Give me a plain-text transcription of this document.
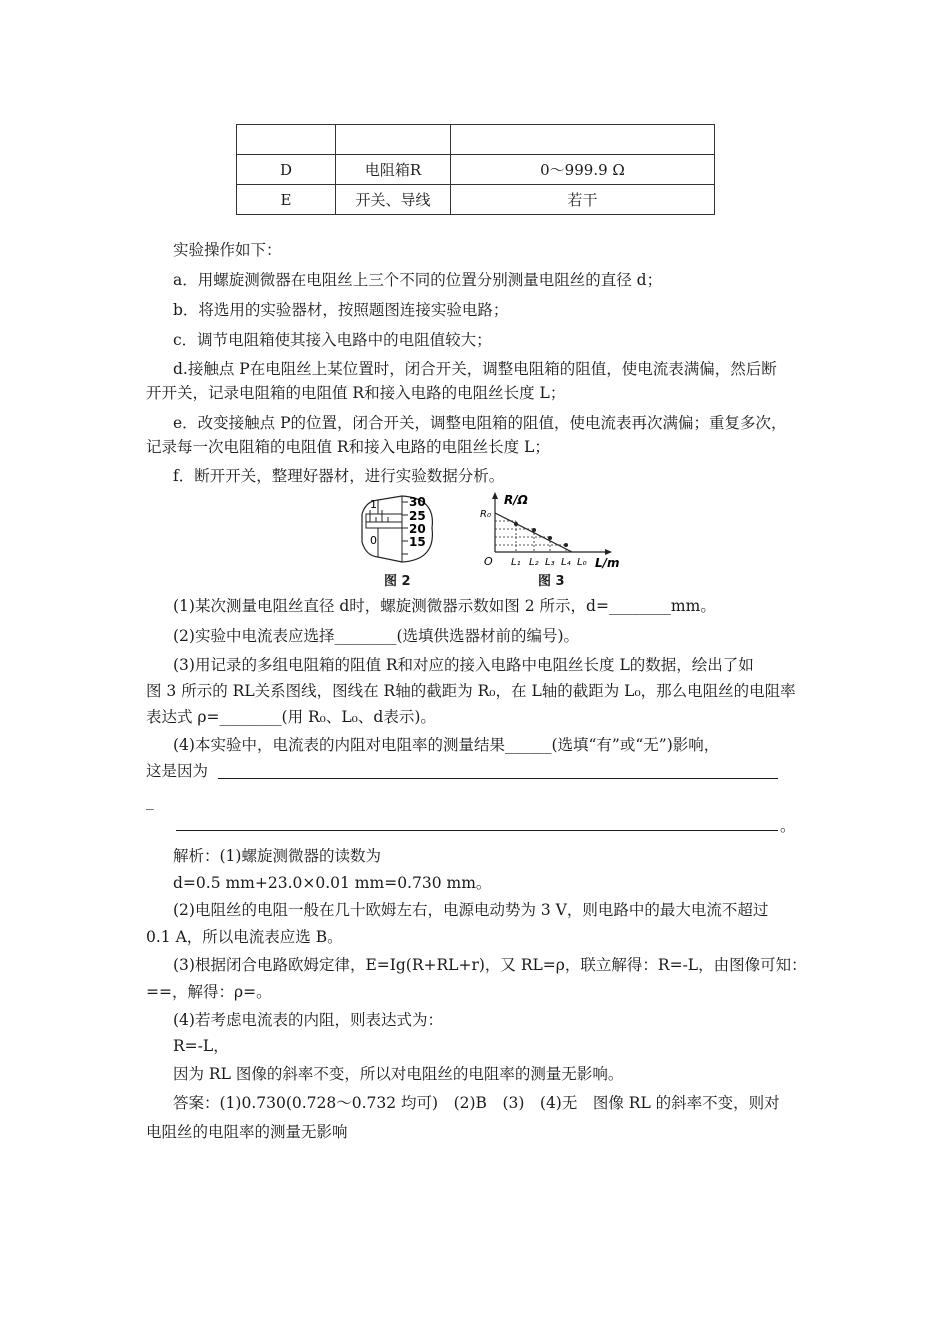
D	电阻箱R	0～999.9 Ω
E	开关、导线	若干
实验操作如下：
a．用螺旋测微器在电阻丝上三个不同的位置分别测量电阻丝的直径 d；
b．将选用的实验器材，按照题图连接实验电路；
c．调节电阻箱使其接入电路中的电阻值较大；
d.接触点 P在电阻丝上某位置时，闭合开关，调整电阻箱的阻值，使电流表满偏，然后断
开开关，记录电阻箱的电阻值 R和接入电路的电阻丝长度 L；
e．改变接触点 P的位置，闭合开关，调整电阻箱的阻值，使电流表再次满偏；重复多次，
记录每一次电阻箱的电阻值 R和接入电路的电阻丝长度 L；
f．断开开关，整理好器材，进行实验数据分析。
1
0
30
25
20
15
图 2
R/Ω
R₀
O L₁ L₂ L₃ L₄ L₀ L/m
图 3
(1)某次测量电阻丝直径 d时，螺旋测微器示数如图 2 所示，d=________mm。
(2)实验中电流表应选择________(选填供选器材前的编号)。
(3)用记录的多组电阻箱的阻值 R和对应的接入电路中电阻丝长度 L的数据，绘出了如
图 3 所示的 RL关系图线，图线在 R轴的截距为 R₀，在 L轴的截距为 L₀，那么电阻丝的电阻率
表达式 ρ=________(用 R₀、L₀、d表示)。
(4)本实验中，电流表的内阻对电阻率的测量结果______(选填“有”或“无”)影响，
这是因为
_
。
解析：(1)螺旋测微器的读数为
d=0.5 mm+23.0×0.01 mm=0.730 mm。
(2)电阻丝的电阻一般在几十欧姆左右，电源电动势为 3 V，则电路中的最大电流不超过
0.1 A，所以电流表应选 B。
(3)根据闭合电路欧姆定律，E=Ig(R+RL+r)，又 RL=ρ，联立解得：R=-L，由图像可知：
==，解得：ρ=。
(4)若考虑电流表的内阻，则表达式为：
R=-L，
因为 RL 图像的斜率不变，所以对电阻丝的电阻率的测量无影响。
答案：(1)0.730(0.728～0.732 均可)　(2)B　(3)　(4)无　图像 RL 的斜率不变，则对
电阻丝的电阻率的测量无影响
